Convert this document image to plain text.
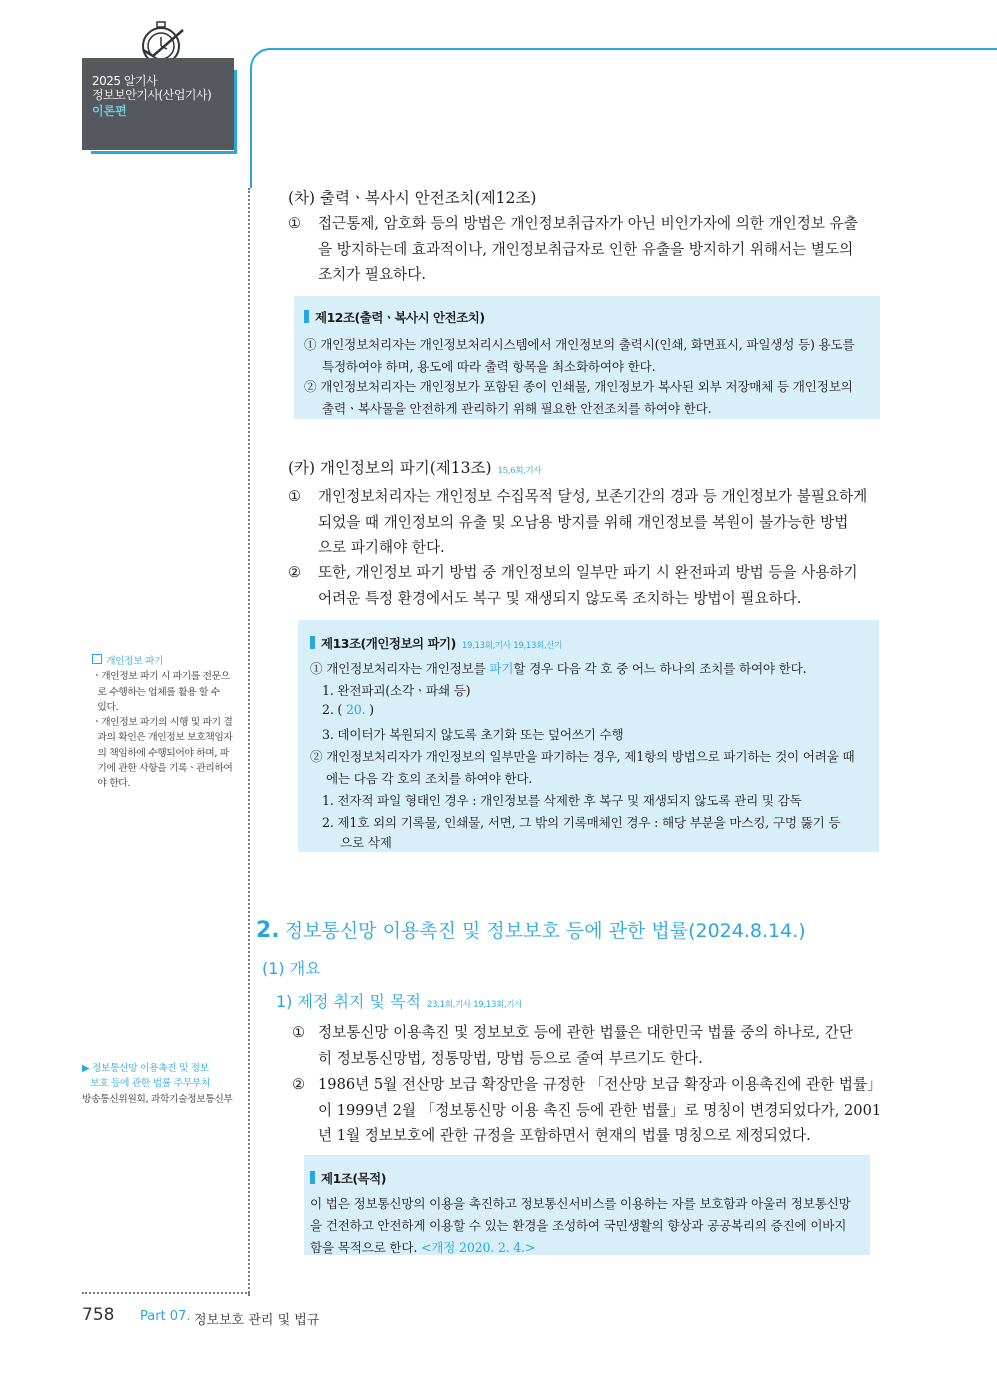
2025 알기사
정보보안기사(산업기사)
이론편
(차) 출력ㆍ복사시 안전조치(제12조)
① 접근통제, 암호화 등의 방법은 개인정보취급자가 아닌 비인가자에 의한 개인정보 유출
을 방지하는데 효과적이나, 개인정보취급자로 인한 유출을 방지하기 위해서는 별도의
조치가 필요하다.
제12조(출력ㆍ복사시 안전조치)
① 개인정보처리자는 개인정보처리시스템에서 개인정보의 출력시(인쇄, 화면표시, 파일생성 등) 용도를
특정하여야 하며, 용도에 따라 출력 항목을 최소화하여야 한다.
② 개인정보처리자는 개인정보가 포함된 종이 인쇄물, 개인정보가 복사된 외부 저장매체 등 개인정보의
출력ㆍ복사물을 안전하게 관리하기 위해 필요한 안전조치를 하여야 한다.
(카) 개인정보의 파기(제13조) 15,6회,기사
① 개인정보처리자는 개인정보 수집목적 달성, 보존기간의 경과 등 개인정보가 불필요하게
되었을 때 개인정보의 유출 및 오남용 방지를 위해 개인정보를 복원이 불가능한 방법
으로 파기해야 한다.
② 또한, 개인정보 파기 방법 중 개인정보의 일부만 파기 시 완전파괴 방법 등을 사용하기
어려운 특정 환경에서도 복구 및 재생되지 않도록 조치하는 방법이 필요하다.
제13조(개인정보의 파기) 19,13회,기사 19,13회,산기
① 개인정보처리자는 개인정보를 파기할 경우 다음 각 호 중 어느 하나의 조치를 하여야 한다.
1. 완전파괴(소각ㆍ파쇄 등)
2. ( 20. )
3. 데이터가 복원되지 않도록 초기화 또는 덮어쓰기 수행
② 개인정보처리자가 개인정보의 일부만을 파기하는 경우, 제1항의 방법으로 파기하는 것이 어려울 때
에는 다음 각 호의 조치를 하여야 한다.
1. 전자적 파일 형태인 경우 : 개인정보를 삭제한 후 복구 및 재생되지 않도록 관리 및 감독
2. 제1호 외의 기록물, 인쇄물, 서면, 그 밖의 기록매체인 경우 : 해당 부분을 마스킹, 구멍 뚫기 등
으로 삭제
2. 정보통신망 이용촉진 및 정보보호 등에 관한 법률(2024.8.14.)
(1) 개요
1) 제정 취지 및 목적 23,1회,기사 19,13회,기사
① 정보통신망 이용촉진 및 정보보호 등에 관한 법률은 대한민국 법률 중의 하나로, 간단
히 정보통신망법, 정통망법, 망법 등으로 줄여 부르기도 한다.
② 1986년 5월 전산망 보급 확장만을 규정한 「전산망 보급 확장과 이용촉진에 관한 법률」
이 1999년 2월 「정보통신망 이용 촉진 등에 관한 법률」로 명칭이 변경되었다가, 2001
년 1월 정보보호에 관한 규정을 포함하면서 현재의 법률 명칭으로 제정되었다.
제1조(목적)
이 법은 정보통신망의 이용을 촉진하고 정보통신서비스를 이용하는 자를 보호함과 아울러 정보통신망
을 건전하고 안전하게 이용할 수 있는 환경을 조성하여 국민생활의 향상과 공공복리의 증진에 이바지
함을 목적으로 한다. <개정 2020. 2. 4.>
개인정보 파기
ㆍ개인정보 파기 시 파기를 전문으
로 수행하는 업체를 활용 할 수
있다.
ㆍ개인정보 파기의 시행 및 파기 결
과의 확인은 개인정보 보호책임자
의 책임하에 수행되어야 하며, 파
기에 관한 사항을 기록ㆍ관리하여
야 한다.
▶ 정보통신망 이용촉진 및 정보
보호 등에 관한 법률 주무부처
방송통신위원회, 과학기술정보통신부
758 Part 07. 정보보호 관리 및 법규
